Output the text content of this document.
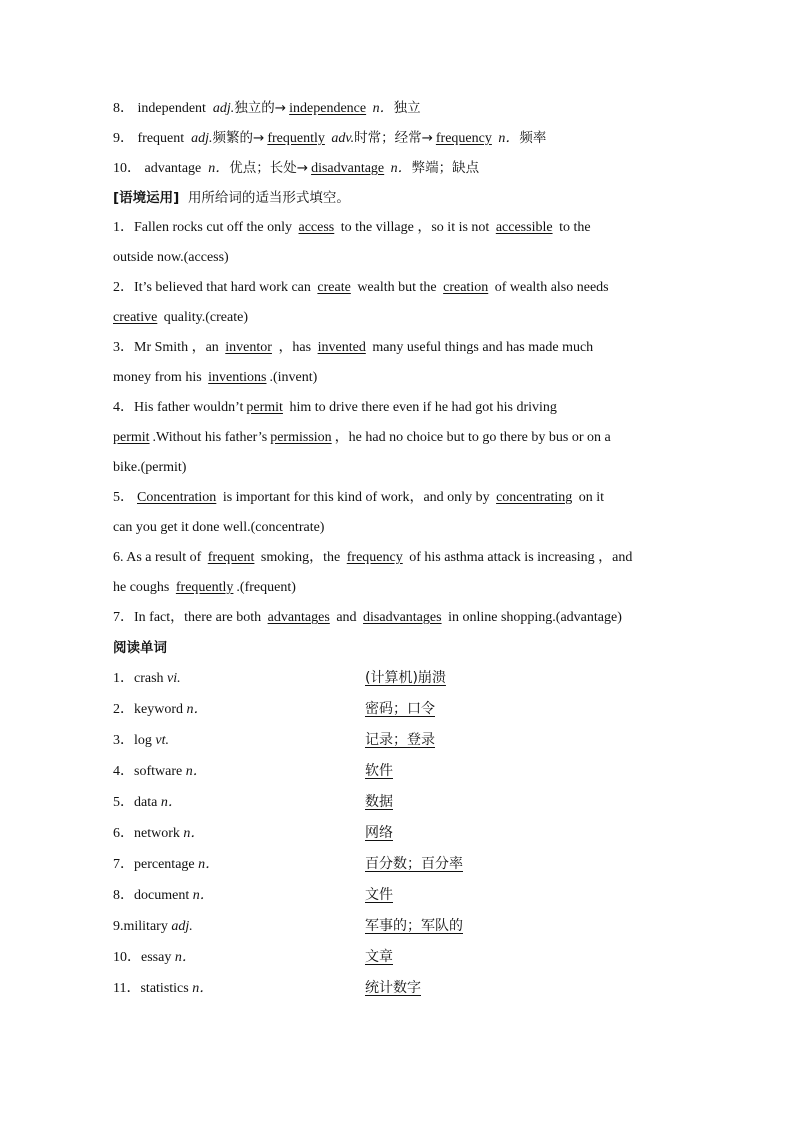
8． independent adj.独立的→ independence n．独立
9． frequent adj.频繁的→ frequently adv.时常；经常→ frequency n．频率
10． advantage n．优点；长处→ disadvantage n．弊端；缺点
[语境运用] 用所给词的适当形式填空。
1．Fallen rocks cut off the only access to the village ，so it is not accessible to the
outside now.(access)
2．It’s believed that hard work can create wealth but the creation of wealth also needs
creative quality.(create)
3．Mr Smith ，an inventor ，has invented many useful things and has made much
money from his inventions .(invent)
4．His father wouldn’t permit him to drive there even if he had got his driving
permit .Without his father’s permission ，he had no choice but to go there by bus or on a
bike.(permit)
5． Concentration is important for this kind of work，and only by concentrating on it
can you get it done well.(concentrate)
6. As a result of frequent smoking，the frequency of his asthma attack is increasing ，and
he coughs frequently .(frequent)
7．In fact，there are both advantages and disadvantages in online shopping.(advantage)
阅读单词
1．crash vi.	(计算机)崩溃
2．keyword n．	密码；口令
3．log vt.	记录；登录
4．software n．	软件
5．data n．	数据
6．network n．	网络
7．percentage n．	百分数；百分率
8．document n．	文件
9.military adj.	军事的；军队的
10．essay n．	文章
11．statistics n．	统计数字
